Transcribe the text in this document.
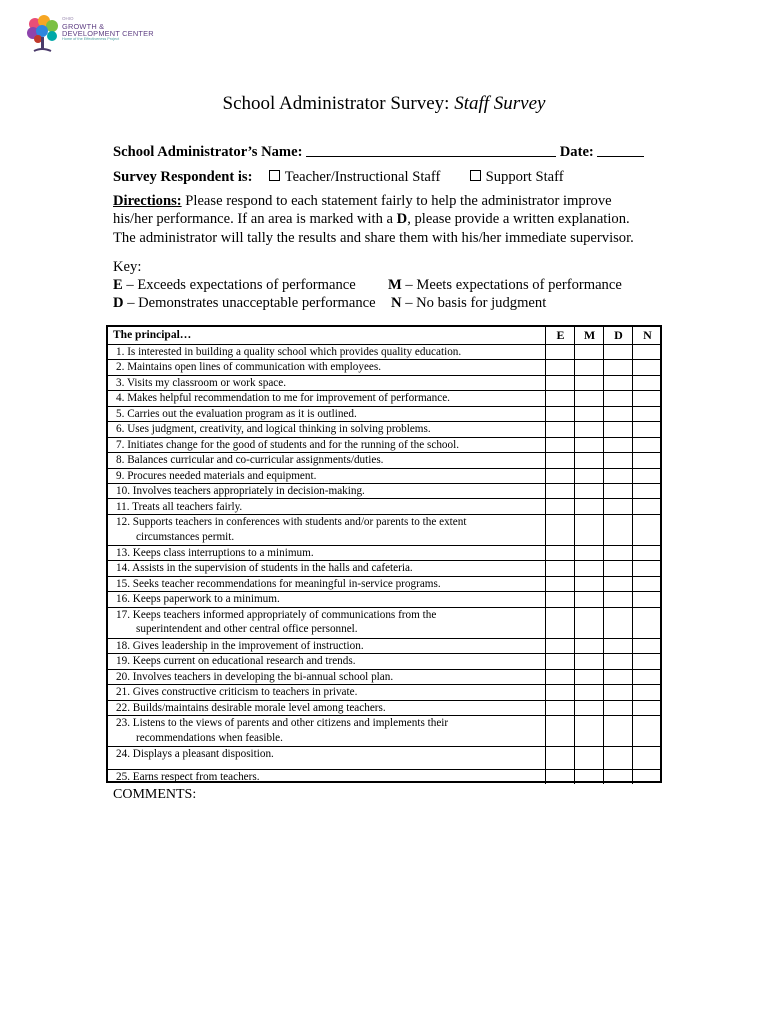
OHIO
GROWTH &
DEVELOPMENT CENTER
Home of the Effectiveness Project
School Administrator Survey: Staff Survey
School Administrator’s Name:	Date:
Survey Respondent is: Teacher/Instructional Staff	Support Staff
Directions: Please respond to each statement fairly to help the administrator improve
his/her performance. If an area is marked with a D, please provide a written explanation.
The administrator will tally the results and share them with his/her immediate supervisor.
Key:
E – Exceeds expectations of performance M – Meets expectations of performance
D – Demonstrates unacceptable performance N – No basis for judgment
The principal…	E	M	D	N
1. Is interested in building a quality school which provides quality education.
2. Maintains open lines of communication with employees.
3. Visits my classroom or work space.
4. Makes helpful recommendation to me for improvement of performance.
5. Carries out the evaluation program as it is outlined.
6. Uses judgment, creativity, and logical thinking in solving problems.
7. Initiates change for the good of students and for the running of the school.
8. Balances curricular and co-curricular assignments/duties.
9. Procures needed materials and equipment.
10. Involves teachers appropriately in decision-making.
11. Treats all teachers fairly.
12. Supports teachers in conferences with students and/or parents to the extent
circumstances permit.
13. Keeps class interruptions to a minimum.
14. Assists in the supervision of students in the halls and cafeteria.
15. Seeks teacher recommendations for meaningful in-service programs.
16. Keeps paperwork to a minimum.
17. Keeps teachers informed appropriately of communications from the
superintendent and other central office personnel.
18. Gives leadership in the improvement of instruction.
19. Keeps current on educational research and trends.
20. Involves teachers in developing the bi-annual school plan.
21. Gives constructive criticism to teachers in private.
22. Builds/maintains desirable morale level among teachers.
23. Listens to the views of parents and other citizens and implements their
recommendations when feasible.
24. Displays a pleasant disposition.
25. Earns respect from teachers.
COMMENTS:
